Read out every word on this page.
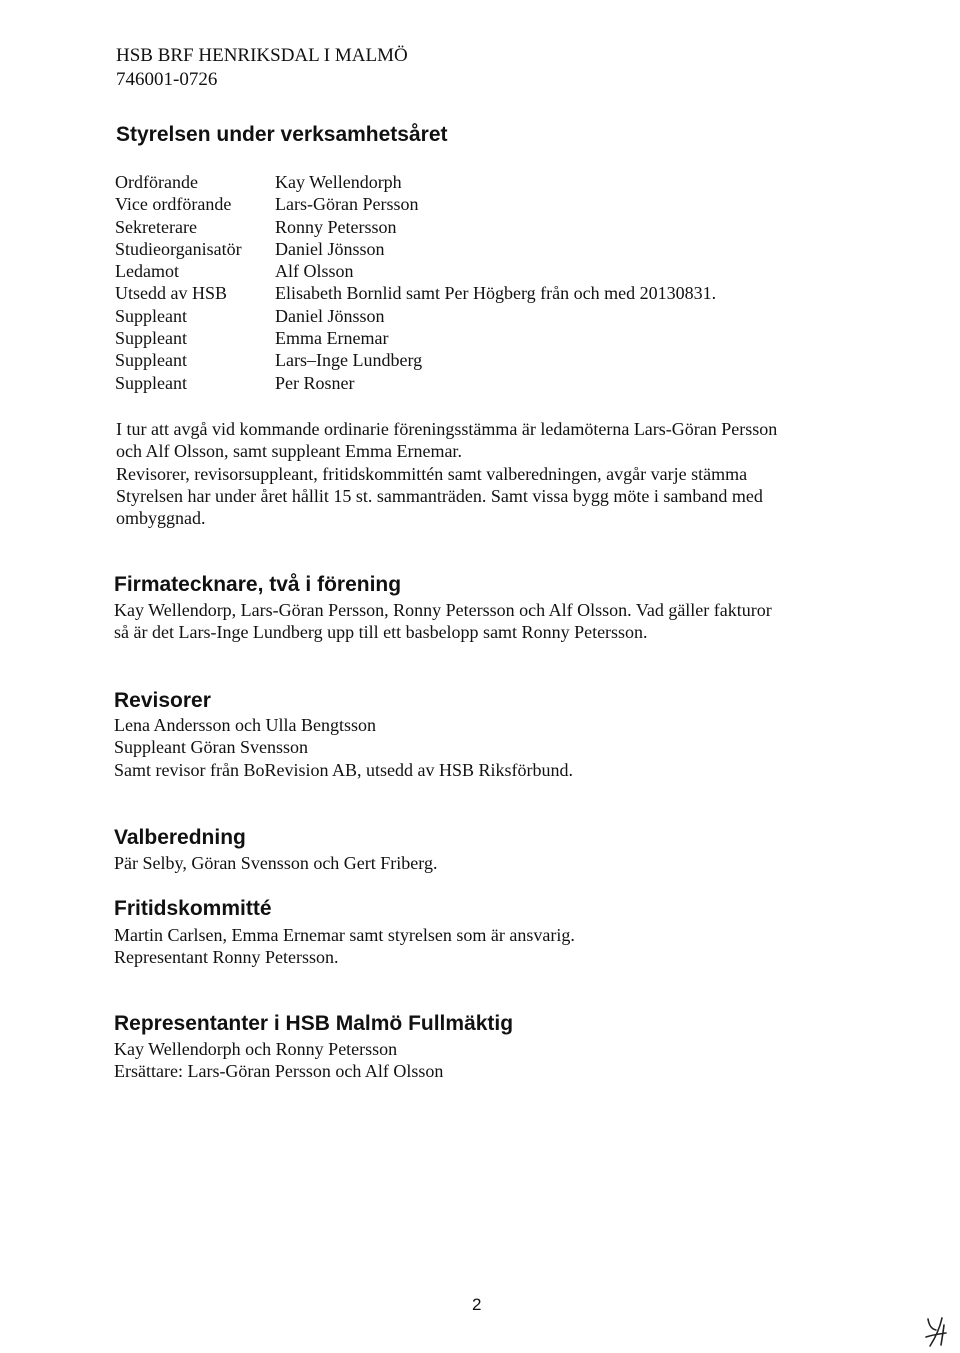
HSB BRF HENRIKSDAL I MALMÖ
746001-0726
Styrelsen under verksamhetsåret
Ordförande	Kay Wellendorph
Vice ordförande	Lars-Göran Persson
Sekreterare	Ronny Petersson
Studieorganisatör	Daniel Jönsson
Ledamot	Alf Olsson
Utsedd av HSB	Elisabeth Bornlid samt Per Högberg från och med 20130831.
Suppleant	Daniel Jönsson
Suppleant	Emma Ernemar
Suppleant	Lars–Inge Lundberg
Suppleant	Per Rosner
I tur att avgå vid kommande ordinarie föreningsstämma är ledamöterna Lars-Göran Persson
och Alf Olsson, samt suppleant Emma Ernemar.
Revisorer, revisorsuppleant, fritidskommittén samt valberedningen, avgår varje stämma
Styrelsen har under året hållit 15 st. sammanträden. Samt vissa bygg möte i samband med
ombyggnad.
Firmatecknare, två i förening
Kay Wellendorp, Lars-Göran Persson, Ronny Petersson och Alf Olsson. Vad gäller fakturor
så är det Lars-Inge Lundberg upp till ett basbelopp samt Ronny Petersson.
Revisorer
Lena Andersson och Ulla Bengtsson
Suppleant Göran Svensson
Samt revisor från BoRevision AB, utsedd av HSB Riksförbund.
Valberedning
Pär Selby, Göran Svensson och Gert Friberg.
Fritidskommitté
Martin Carlsen, Emma Ernemar samt styrelsen som är ansvarig.
Representant Ronny Petersson.
Representanter i HSB Malmö Fullmäktig
Kay Wellendorph och Ronny Petersson
Ersättare: Lars-Göran Persson och Alf Olsson
2
